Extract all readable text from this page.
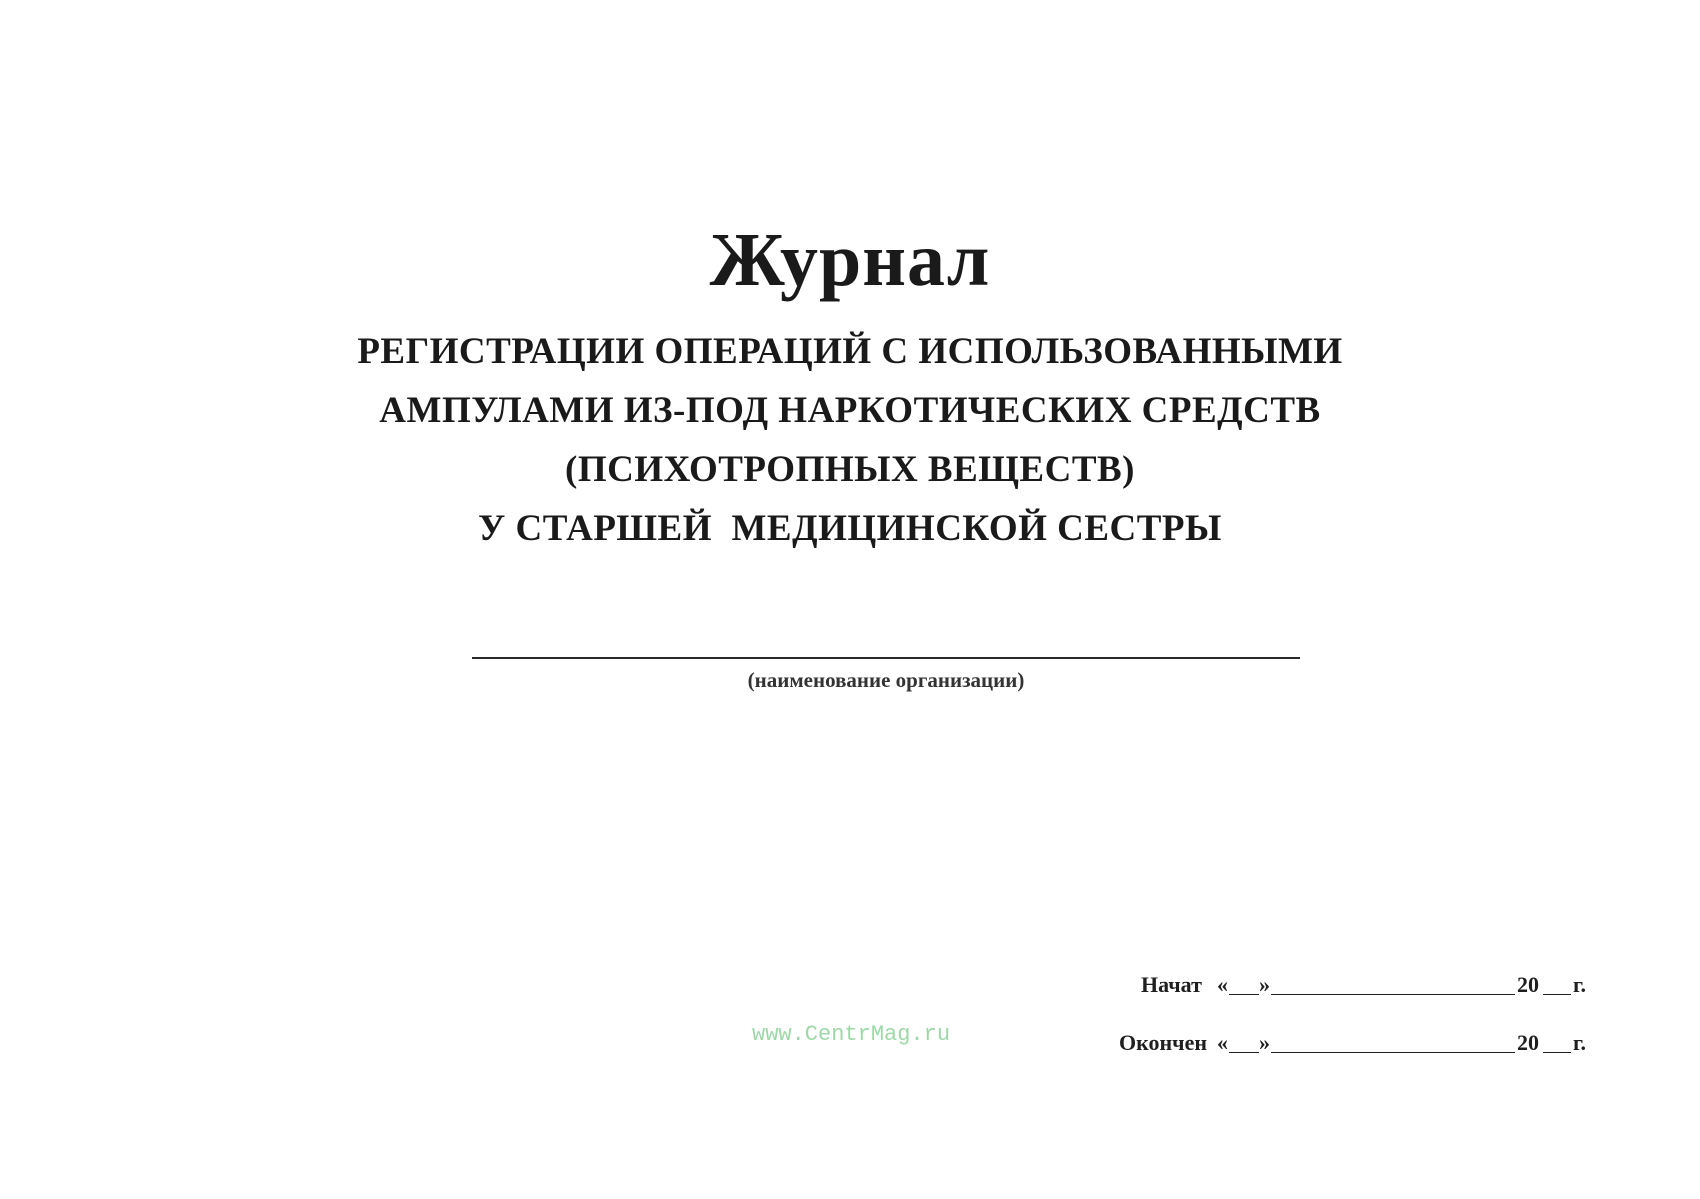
Журнал
РЕГИСТРАЦИИ ОПЕРАЦИЙ С ИСПОЛЬЗОВАННЫМИ
АМПУЛАМИ ИЗ-ПОД НАРКОТИЧЕСКИХ СРЕДСТВ
(ПСИХОТРОПНЫХ ВЕЩЕСТВ)
У СТАРШЕЙ  МЕДИЦИНСКОЙ СЕСТРЫ
(наименование организации)
www.CentrMag.ru
Начат « »	20 г.
Окончен « »	20 г.
